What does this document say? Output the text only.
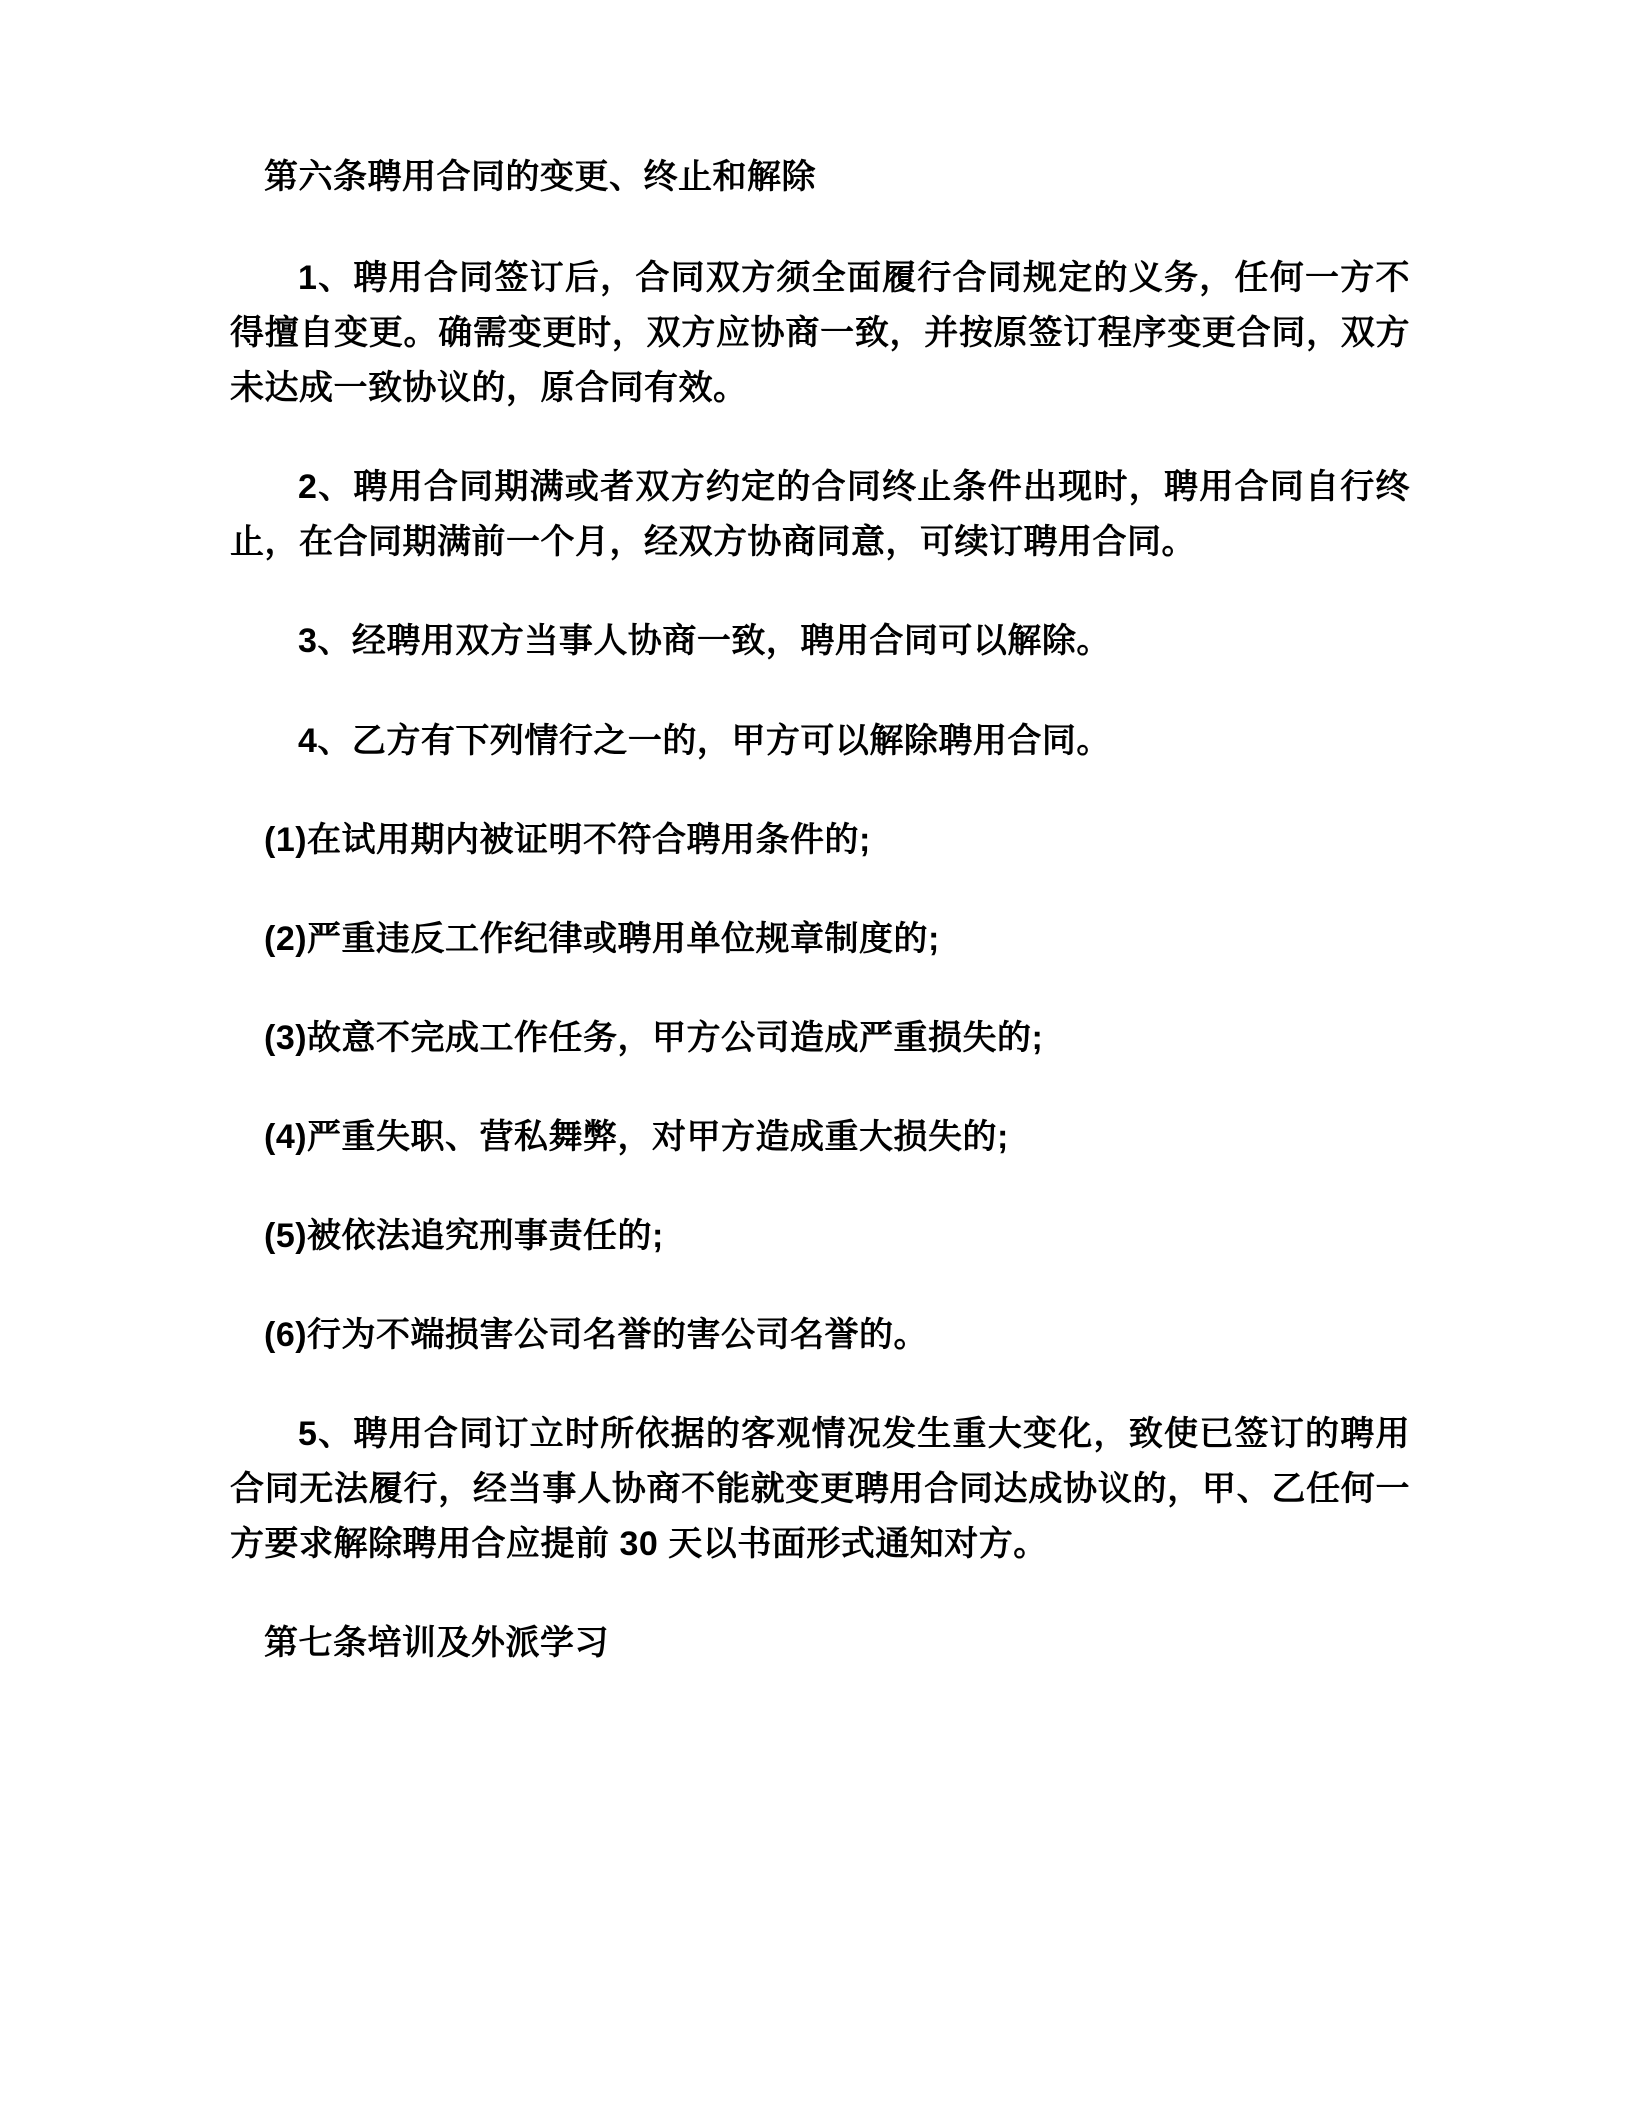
第六条聘用合同的变更、终止和解除

1、聘用合同签订后，合同双方须全面履行合同规定的义务，任何一方不得擅自变更。确需变更时，双方应协商一致，并按原签订程序变更合同，双方未达成一致协议的，原合同有效。

2、聘用合同期满或者双方约定的合同终止条件出现时，聘用合同自行终止，在合同期满前一个月，经双方协商同意，可续订聘用合同。

3、经聘用双方当事人协商一致，聘用合同可以解除。

4、乙方有下列情行之一的，甲方可以解除聘用合同。

(1)在试用期内被证明不符合聘用条件的;

(2)严重违反工作纪律或聘用单位规章制度的;

(3)故意不完成工作任务，甲方公司造成严重损失的;

(4)严重失职、营私舞弊，对甲方造成重大损失的;

(5)被依法追究刑事责任的;

(6)行为不端损害公司名誉的害公司名誉的。

5、聘用合同订立时所依据的客观情况发生重大变化，致使已签订的聘用合同无法履行，经当事人协商不能就变更聘用合同达成协议的，甲、乙任何一方要求解除聘用合应提前 30 天以书面形式通知对方。

第七条培训及外派学习
